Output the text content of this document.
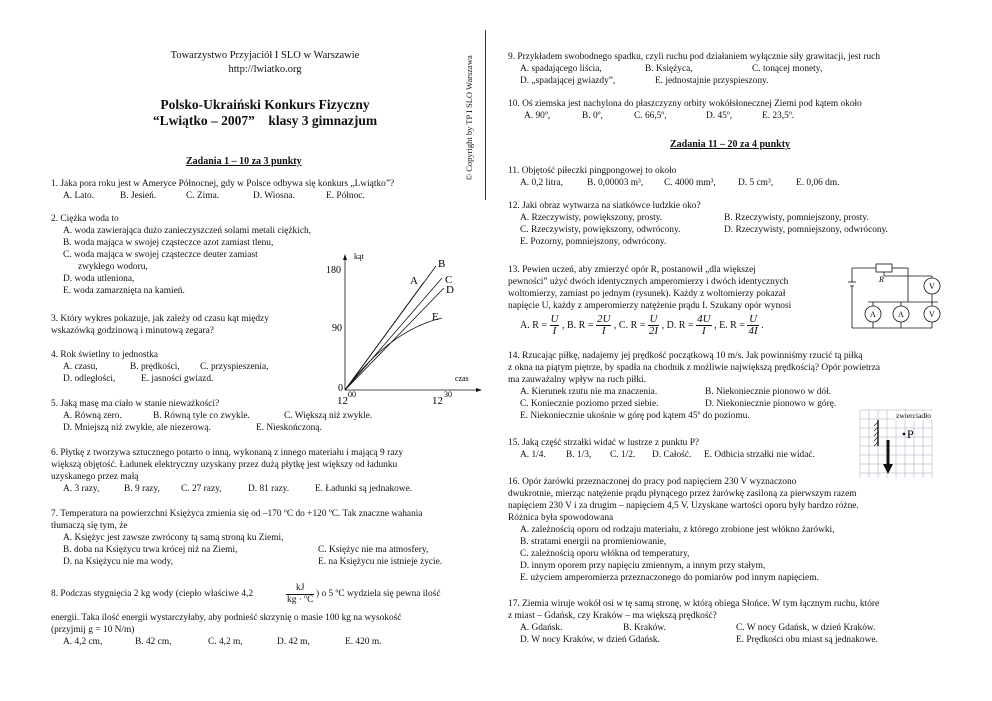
Towarzystwo Przyjaciół I SLO w Warszawie
http://lwiatko.org
Polsko-Ukraiński Konkurs Fizyczny
“Lwiątko – 2007”    klasy 3 gimnazjum	© Copyright by TP I SLO Warszawa
Zadania 1 – 10 za 3 punkty
1. Jaka pora roku jest w Ameryce Północnej, gdy w Polsce odbywa się konkurs „Lwiątko”?
A. Lato.	B. Jesień.	C. Zima.	D. Wiosna.	E. Północ.
2. Ciężka woda to
A. woda zawierająca dużo zanieczyszczeń solami metali ciężkich,
B. woda mająca w swojej cząsteczce azot zamiast tlenu,
C. woda mająca w swojej cząsteczce deuter zamiast
zwykłego wodoru,
D. woda utleniona,
E. woda zamarznięta na kamień.
3. Który wykres pokazuje, jak zależy od czasu kąt między
wskazówką godzinową i minutową zegara?
kąt
czas
180
90
0
12
00
12
30
A
B
C
D
E
4. Rok świetlny to jednostka
A. czasu,	B. prędkości, C. przyspieszenia,
D. odległości,	E. jasności gwiazd.
5. Jaką masę ma ciało w stanie nieważkości?
A. Równą zero.	B. Równą tyle co zwykle.	C. Większą niż zwykle.
D. Mniejszą niż zwykle, ale niezerową.	E. Nieskończoną.
6. Płytkę z tworzywa sztucznego potarto o inną, wykonaną z innego materiału i mającą 9 razy
większą objętość. Ładunek elektryczny uzyskany przez dużą płytkę jest większy od ładunku
uzyskanego przez małą
A. 3 razy,	B. 9 razy, C. 27 razy,	D. 81 razy.	E. Ładunki są jednakowe.
7. Temperatura na powierzchni Księżyca zmienia się od –170 ºC do +120 ºC. Tak znaczne wahania
tłumaczą się tym, że
A. Księżyc jest zawsze zwrócony tą samą stroną ku Ziemi,
B. doba na Księżycu trwa krócej niż na Ziemi,	C. Księżyc nie ma atmosfery,
D. na Księżycu nie ma wody,	E. na Księżycu nie istnieje życie.
8. Podczas stygnięcia 2 kg wody (ciepło właściwe 4,2	$\frac{kJ}{\text{kg · ºC}}$ ) o 5 ºC wydziela się pewna ilość
energii. Taka ilość energii wystarczyłaby, aby podnieść skrzynię o masie 100 kg na wysokość
(przyjmij g = 10 N/m)
A. 4,2 cm,	B. 42 cm,	C. 4,2 m,	D. 42 m,	E. 420 m.
9. Przykładem swobodnego spadku, czyli ruchu pod działaniem wyłącznie siły grawitacji, jest ruch
A. spadającego liścia,	B. Księżyca,	C. tonącej monety,
D. „spadającej gwiazdy”,	E. jednostajnie przyspieszony.
10. Oś ziemska jest nachylona do płaszczyzny orbity wokółsłonecznej Ziemi pod kątem około
A. 90º,	B. 0º,	C. 66,5º,	D. 45º,	E. 23,5º.
Zadania 11 – 20 za 4 punkty
11. Objętość piłeczki pingpongowej to około
A. 0,2 litra,	B. 0,00003 m³, C. 4000 mm³, D. 5 cm³, E. 0,06 dm.
12. Jaki obraz wytwarza na siatkówce ludzkie oko?
A. Rzeczywisty, powiększony, prosty.	B. Rzeczywisty, pomniejszony, prosty.
C. Rzeczywisty, powiększony, odwrócony.	D. Rzeczywisty, pomniejszony, odwrócony.
E. Pozorny, pomniejszony, odwrócony.
13. Pewien uczeń, aby zmierzyć opór R, postanowił „dla większej
pewności” użyć dwóch identycznych amperomierzy i dwóch identycznych
woltomierzy, zamiast po jednym (rysunek). Każdy z woltomierzy pokazał
napięcie U, każdy z amperomierzy natężenie prądu I. Szukany opór wynosi
A. $R = \frac{U}{I}$ , B. $R = \frac{2U}{I}$ , C. $R = \frac{U}{2I}$ , D. $R = \frac{4U}{I}$ , E. $R = \frac{U}{4I}$ .
R
V
A	A	V
14. Rzucając piłkę, nadajemy jej prędkość początkową 10 m/s. Jak powinniśmy rzucić tą piłką
z okna na piątym piętrze, by spadła na chodnik z możliwie największą prędkością? Opór powietrza
ma zauważalny wpływ na ruch piłki.
A. Kierunek rzutu nie ma znaczenia.	B. Niekoniecznie pionowo w dół.
C. Koniecznie poziomo przed siebie.	D. Niekoniecznie pionowo w górę.
E. Niekoniecznie ukośnie w górę pod kątem 45º do poziomu.
15. Jaką część strzałki widać w lustrze z punktu P?
A. 1/4. B. 1/3, C. 1/2. D. Całość. E. Odbicia strzałki nie widać.
zwierciadło
P
16. Opór żarówki przeznaczonej do pracy pod napięciem 230 V wyznaczono
dwukrotnie, mierząc natężenie prądu płynącego przez żarówkę zasiloną za pierwszym razem
napięciem 230 V i za drugim – napięciem 4,5 V. Uzyskane wartości oporu były bardzo różne.
Różnica była spowodowana
A. zależnością oporu od rodzaju materiału, z którego zrobione jest włókno żarówki,
B. stratami energii na promieniowanie,
C. zależnością oporu włókna od temperatury,
D. innym oporem przy napięciu zmiennym, a innym przy stałym,
E. użyciem amperomierza przeznaczonego do pomiarów pod innym napięciem.
17. Ziemia wiruje wokół osi w tę samą stronę, w którą obiega Słońce. W tym łącznym ruchu, które
z miast – Gdańsk, czy Kraków – ma większą prędkość?
A. Gdańsk.	B. Kraków.	C. W nocy Gdańsk, w dzień Kraków.
D. W nocy Kraków, w dzień Gdańsk.	E. Prędkości obu miast są jednakowe.
